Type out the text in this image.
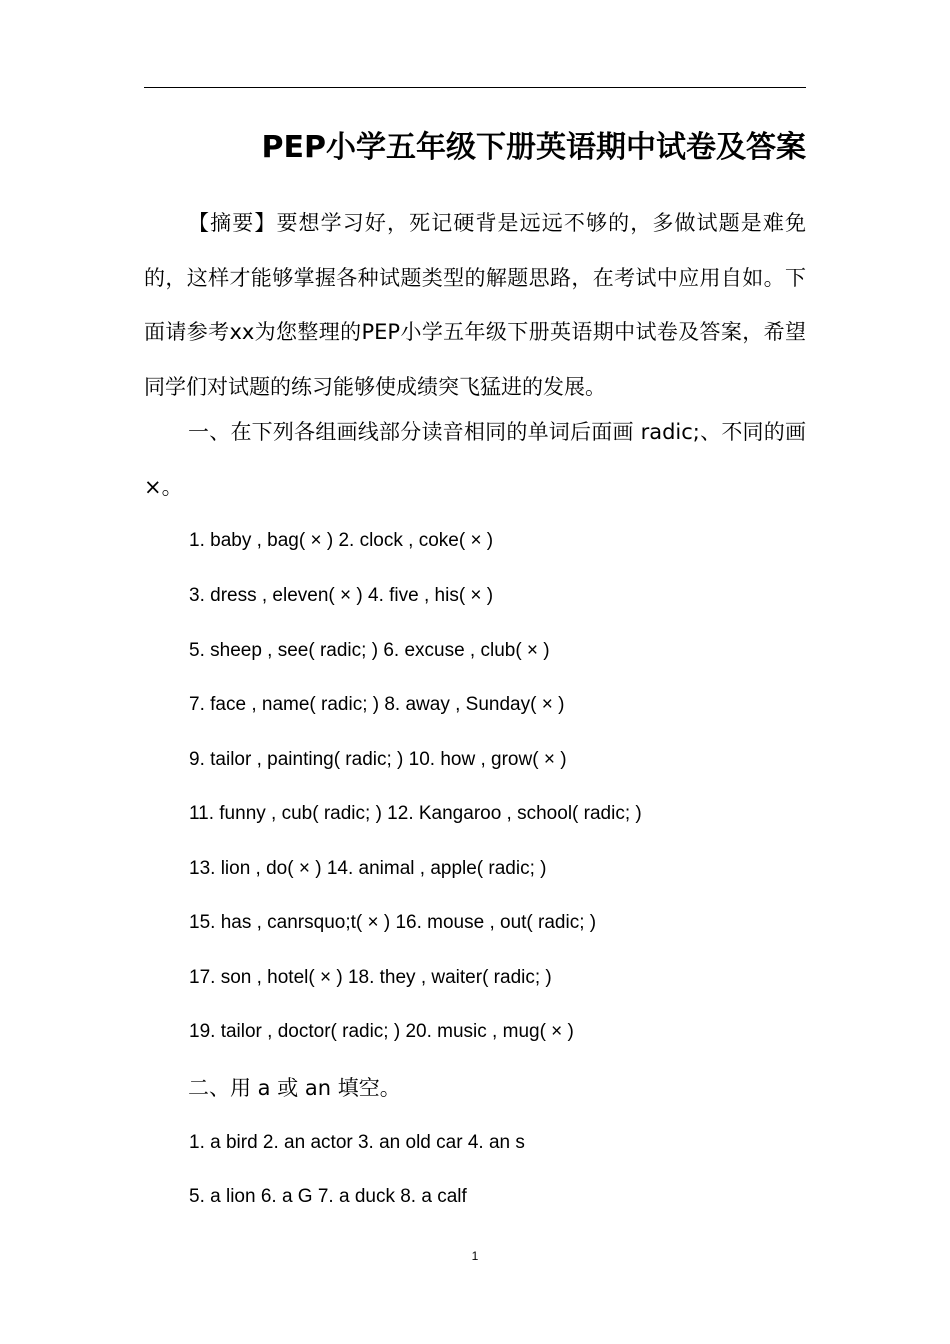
PEP小学五年级下册英语期中试卷及答案

【摘要】要想学习好，死记硬背是远远不够的，多做试题是难免的，这样才能够掌握各种试题类型的解题思路，在考试中应用自如。下面请参考xx为您整理的PEP小学五年级下册英语期中试卷及答案，希望同学们对试题的练习能够使成绩突飞猛进的发展。

一、在下列各组画线部分读音相同的单词后面画 radic;、不同的画×。

1. baby , bag( × ) 2. clock , coke( × )
3. dress , eleven( × ) 4. five , his( × )
5. sheep , see( radic; ) 6. excuse , club( × )
7. face , name( radic; ) 8. away , Sunday( × )
9. tailor , painting( radic; ) 10. how , grow( × )
11. funny , cub( radic; ) 12. Kangaroo , school( radic; )
13. lion , do( × ) 14. animal , apple( radic; )
15. has , canrsquo;t( × ) 16. mouse , out( radic; )
17. son , hotel( × ) 18. they , waiter( radic; )
19. tailor , doctor( radic; ) 20. music , mug( × )

二、用 a 或 an 填空。

1. a bird 2. an actor 3. an old car 4. an s
5. a lion 6. a G 7. a duck 8. a calf
1
